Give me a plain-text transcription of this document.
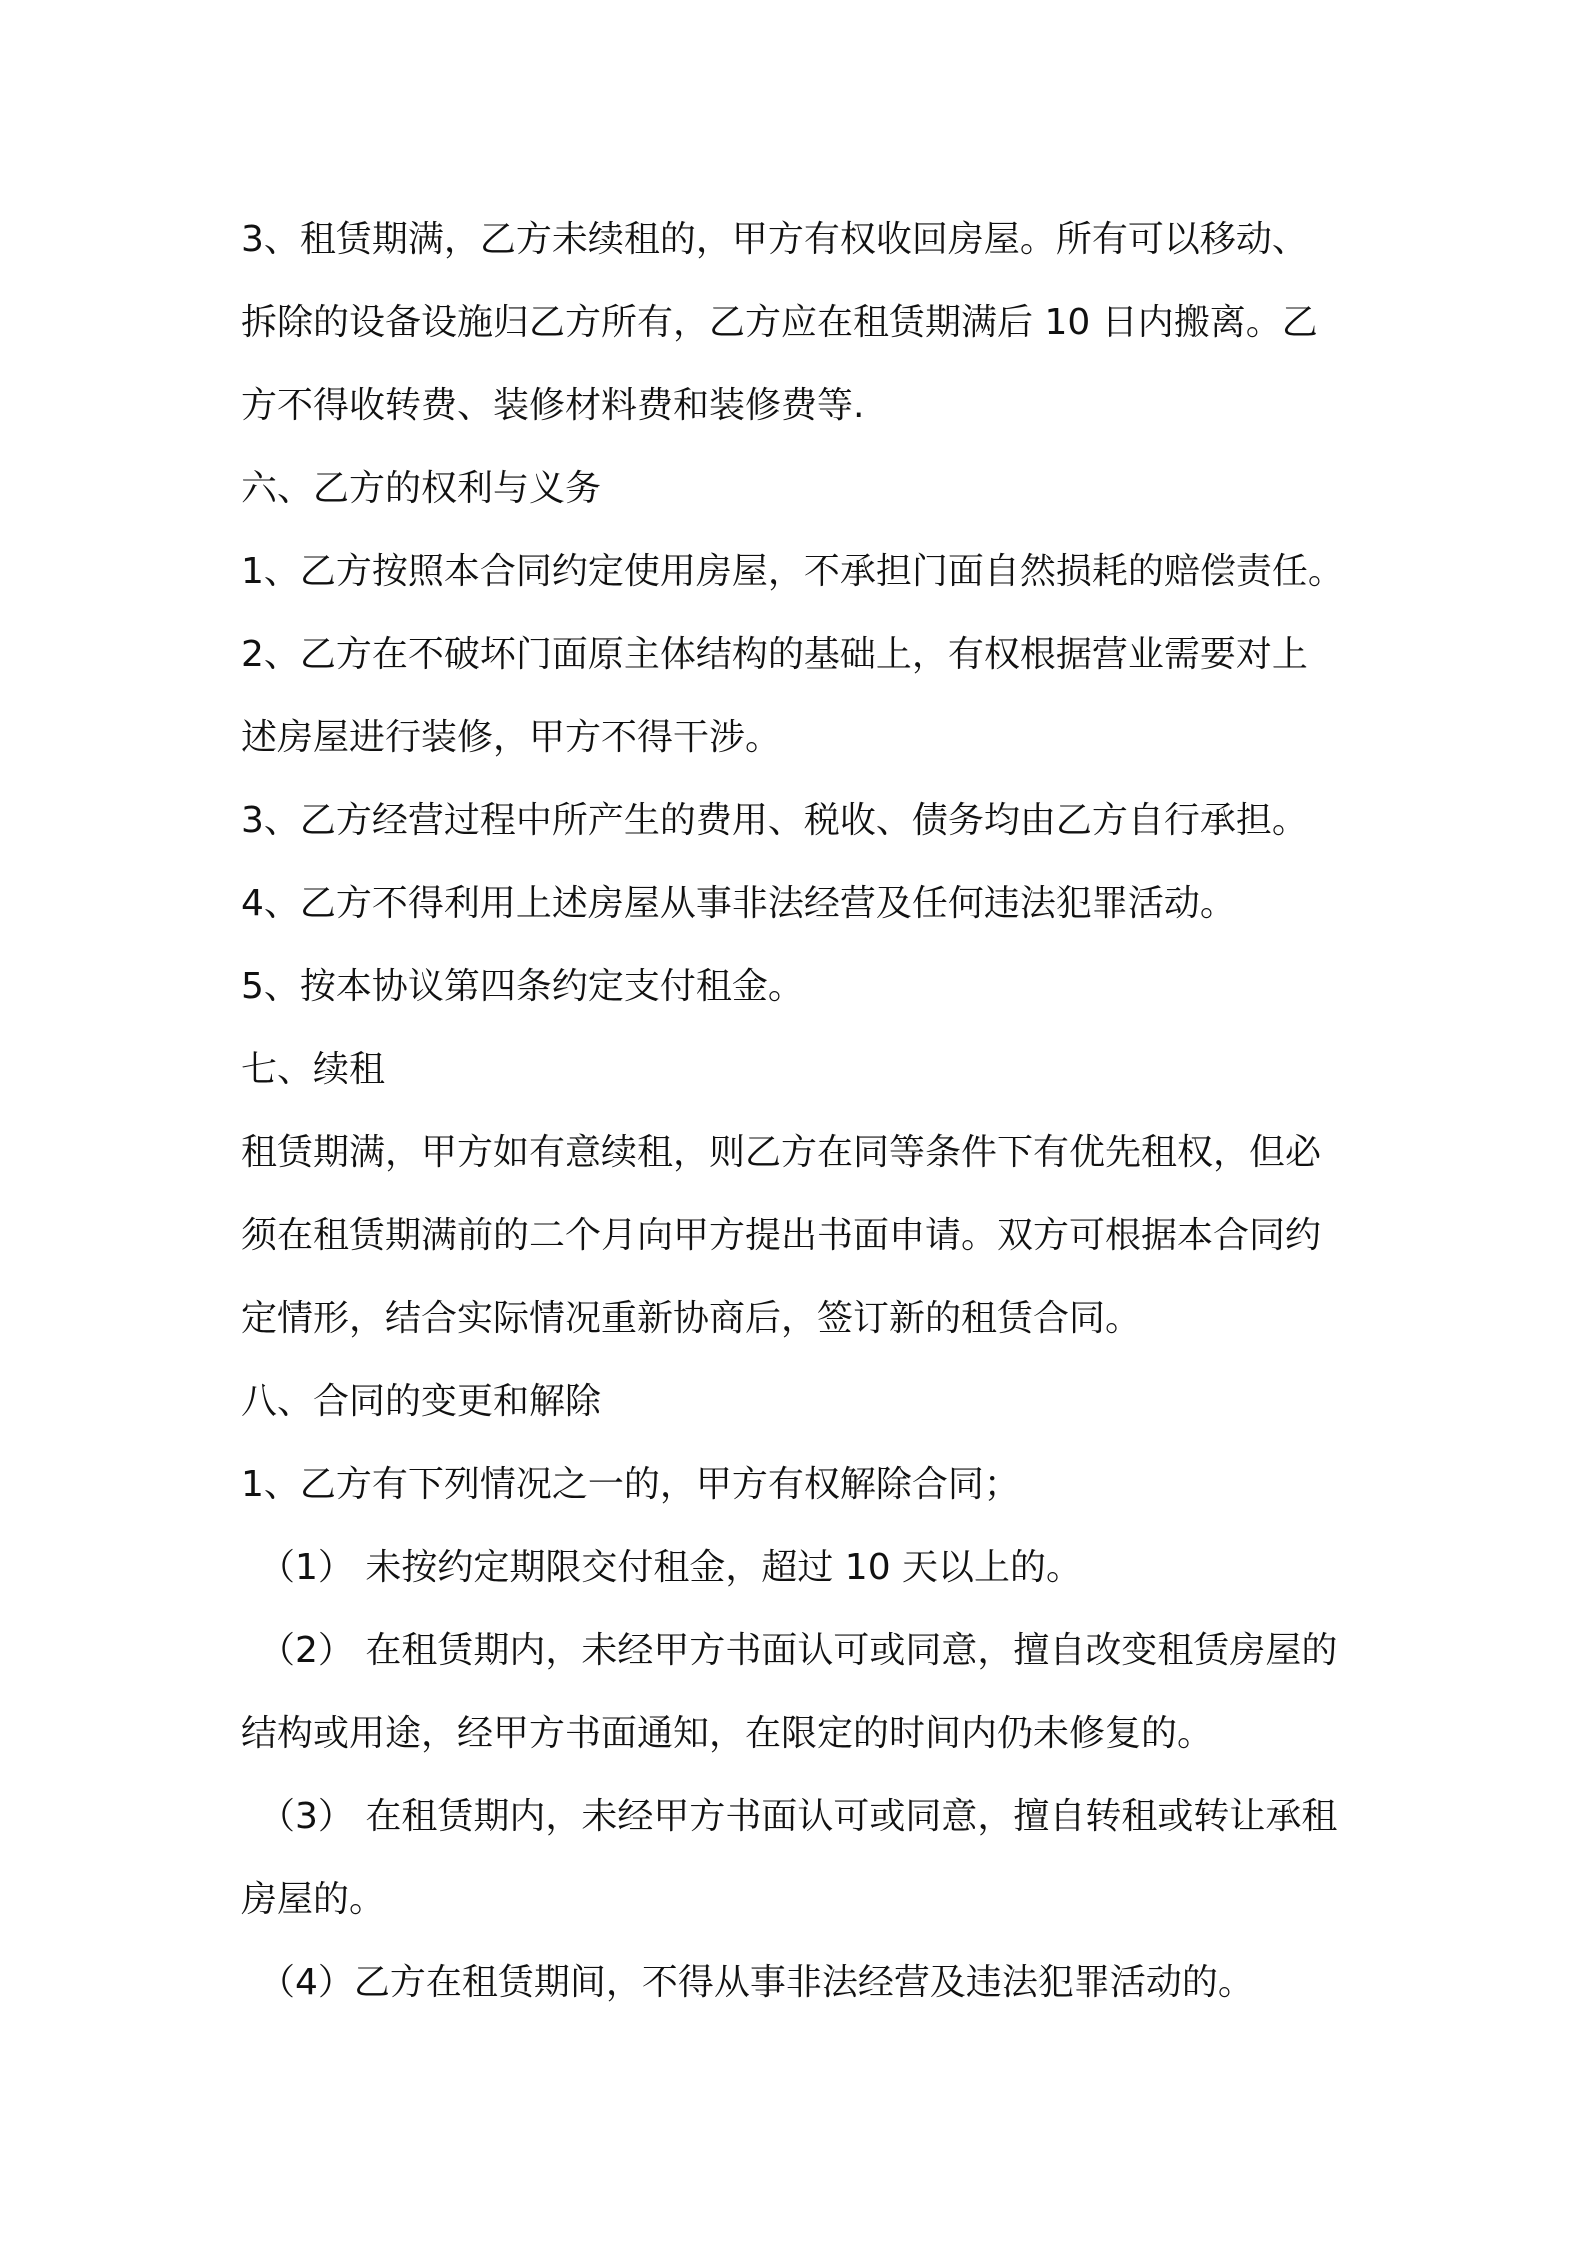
3、租赁期满，乙方未续租的，甲方有权收回房屋。所有可以移动、
拆除的设备设施归乙方所有，乙方应在租赁期满后 10 日内搬离。乙
方不得收转费、装修材料费和装修费等.
六、乙方的权利与义务
1、乙方按照本合同约定使用房屋，不承担门面自然损耗的赔偿责任。
2、乙方在不破坏门面原主体结构的基础上，有权根据营业需要对上
述房屋进行装修，甲方不得干涉。
3、乙方经营过程中所产生的费用、税收、债务均由乙方自行承担。
4、乙方不得利用上述房屋从事非法经营及任何违法犯罪活动。
5、按本协议第四条约定支付租金。
七、续租
租赁期满，甲方如有意续租，则乙方在同等条件下有优先租权，但必
须在租赁期满前的二个月向甲方提出书面申请。双方可根据本合同约
定情形，结合实际情况重新协商后，签订新的租赁合同。
八、合同的变更和解除
1、乙方有下列情况之一的，甲方有权解除合同；
（1） 未按约定期限交付租金，超过 10 天以上的。
（2） 在租赁期内，未经甲方书面认可或同意，擅自改变租赁房屋的
结构或用途，经甲方书面通知，在限定的时间内仍未修复的。
（3） 在租赁期内，未经甲方书面认可或同意，擅自转租或转让承租
房屋的。
（4）乙方在租赁期间，不得从事非法经营及违法犯罪活动的。
